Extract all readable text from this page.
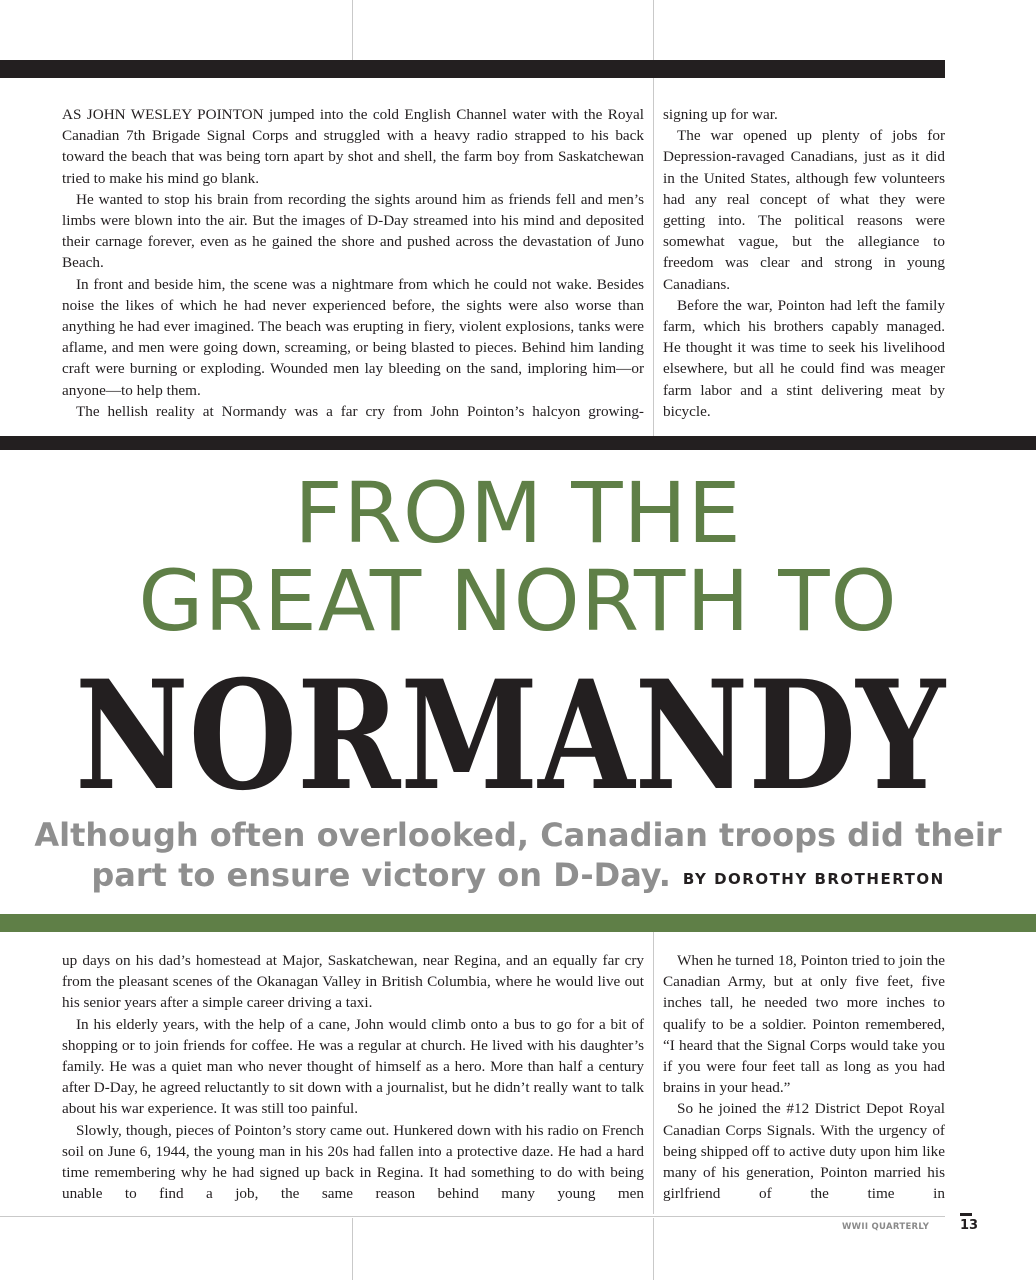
AS JOHN WESLEY POINTON jumped into the cold English Channel water with the Royal Canadian 7th Brigade Signal Corps and struggled with a heavy radio strapped to his back toward the beach that was being torn apart by shot and shell, the farm boy from Saskatchewan tried to make his mind go blank.

He wanted to stop his brain from recording the sights around him as friends fell and men’s limbs were blown into the air. But the images of D-Day streamed into his mind and deposited their carnage forever, even as he gained the shore and pushed across the devastation of Juno Beach.

In front and beside him, the scene was a nightmare from which he could not wake. Besides noise the likes of which he had never experienced before, the sights were also worse than anything he had ever imagined. The beach was erupting in fiery, violent explosions, tanks were aflame, and men were going down, screaming, or being blasted to pieces. Behind him landing craft were burning or exploding. Wounded men lay bleeding on the sand, imploring him—or anyone—to help them.

The hellish reality at Normandy was a far cry from John Pointon’s halcyon growing-

signing up for war.

The war opened up plenty of jobs for Depression-ravaged Canadians, just as it did in the United States, although few volunteers had any real concept of what they were getting into. The political reasons were somewhat vague, but the allegiance to freedom was clear and strong in young Canadians.

Before the war, Pointon had left the family farm, which his brothers capably managed. He thought it was time to seek his livelihood elsewhere, but all he could find was meager farm labor and a stint delivering meat by bicycle.

FROM THE
GREAT NORTH TO
NORMANDY
Although often overlooked, Canadian troops did their
part to ensure victory on D-Day. BY DOROTHY BROTHERTON

up days on his dad’s homestead at Major, Saskatchewan, near Regina, and an equally far cry from the pleasant scenes of the Okanagan Valley in British Columbia, where he would live out his senior years after a simple career driving a taxi.

In his elderly years, with the help of a cane, John would climb onto a bus to go for a bit of shopping or to join friends for coffee. He was a regular at church. He lived with his daughter’s family. He was a quiet man who never thought of himself as a hero. More than half a century after D-Day, he agreed reluctantly to sit down with a journalist, but he didn’t really want to talk about his war experience. It was still too painful.

Slowly, though, pieces of Pointon’s story came out. Hunkered down with his radio on French soil on June 6, 1944, the young man in his 20s had fallen into a protective daze. He had a hard time remembering why he had signed up back in Regina. It had something to do with being unable to find a job, the same reason behind many young men

When he turned 18, Pointon tried to join the Canadian Army, but at only five feet, five inches tall, he needed two more inches to qualify to be a soldier. Pointon remembered, “I heard that the Signal Corps would take you if you were four feet tall as long as you had brains in your head.”

So he joined the #12 District Depot Royal Canadian Corps Signals. With the urgency of being shipped off to active duty upon him like many of his generation, Pointon married his girlfriend of the time in

WWII QUARTERLY 13
